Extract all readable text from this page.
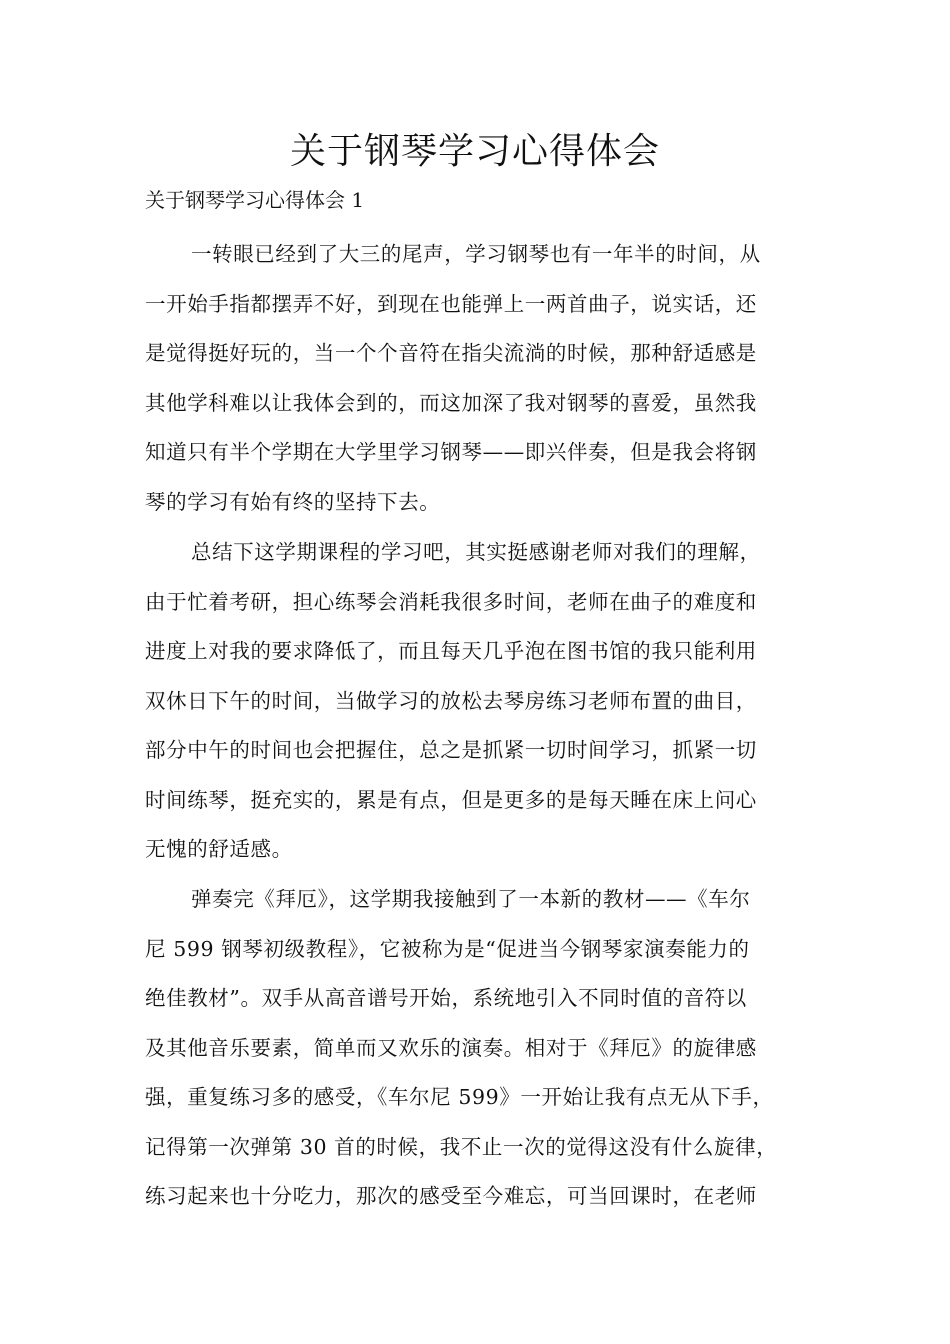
关于钢琴学习心得体会

关于钢琴学习心得体会 1

一转眼已经到了大三的尾声，学习钢琴也有一年半的时间，从
一开始手指都摆弄不好，到现在也能弹上一两首曲子，说实话，还
是觉得挺好玩的，当一个个音符在指尖流淌的时候，那种舒适感是
其他学科难以让我体会到的，而这加深了我对钢琴的喜爱，虽然我
知道只有半个学期在大学里学习钢琴——即兴伴奏，但是我会将钢
琴的学习有始有终的坚持下去。
总结下这学期课程的学习吧，其实挺感谢老师对我们的理解，
由于忙着考研，担心练琴会消耗我很多时间，老师在曲子的难度和
进度上对我的要求降低了，而且每天几乎泡在图书馆的我只能利用
双休日下午的时间，当做学习的放松去琴房练习老师布置的曲目，
部分中午的时间也会把握住，总之是抓紧一切时间学习，抓紧一切
时间练琴，挺充实的，累是有点，但是更多的是每天睡在床上问心
无愧的舒适感。
弹奏完《拜厄》，这学期我接触到了一本新的教材——《车尔
尼 599 钢琴初级教程》，它被称为是“促进当今钢琴家演奏能力的
绝佳教材”。双手从高音谱号开始，系统地引入不同时值的音符以
及其他音乐要素，简单而又欢乐的演奏。相对于《拜厄》的旋律感
强，重复练习多的感受，《车尔尼 599》一开始让我有点无从下手，
记得第一次弹第 30 首的时候，我不止一次的觉得这没有什么旋律，
练习起来也十分吃力，那次的感受至今难忘，可当回课时，在老师
